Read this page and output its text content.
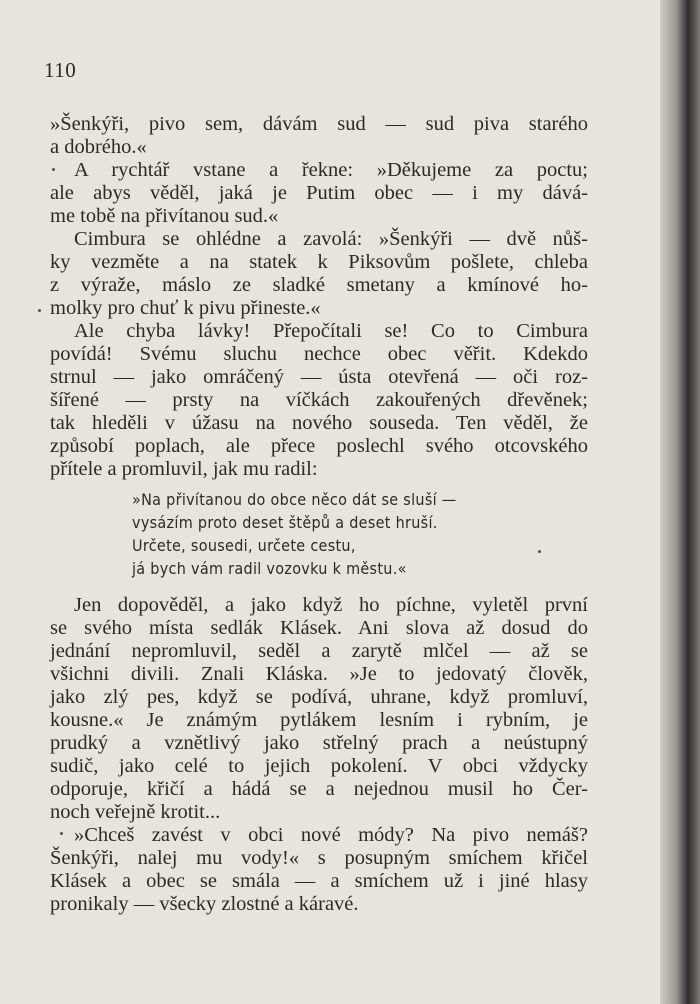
110
»Šenkýři, pivo sem, dávám sud — sud piva starého
a dobrého.«
A rychtář vstane a řekne: »Děkujeme za poctu;
ale abys věděl, jaká je Putim obec — i my dává-
me tobě na přivítanou sud.«
Cimbura se ohlédne a zavolá: »Šenkýři — dvě nůš-
ky vezměte a na statek k Piksovům pošlete, chleba
z výraže, máslo ze sladké smetany a kmínové ho-
molky pro chuť k pivu přineste.«
Ale chyba lávky! Přepočítali se! Co to Cimbura
povídá! Svému sluchu nechce obec věřit. Kdekdo
strnul — jako omráčený — ústa otevřená — oči roz-
šířené — prsty na víčkách zakouřených dřevěnek;
tak hleděli v úžasu na nového souseda. Ten věděl, že
způsobí poplach, ale přece poslechl svého otcovského
přítele a promluvil, jak mu radil:
»Na přivítanou do obce něco dát se sluší —
vysázím proto deset štěpů a deset hruší.
Určete, sousedi, určete cestu,
já bych vám radil vozovku k městu.«
Jen dopověděl, a jako když ho píchne, vyletěl první
se svého místa sedlák Klásek. Ani slova až dosud do
jednání nepromluvil, seděl a zarytě mlčel — až se
všichni divili. Znali Kláska. »Je to jedovatý člověk,
jako zlý pes, když se podívá, uhrane, když promluví,
kousne.« Je známým pytlákem lesním i rybním, je
prudký a vznětlivý jako střelný prach a neústupný
sudič, jako celé to jejich pokolení. V obci vždycky
odporuje, křičí a hádá se a nejednou musil ho Čer-
noch veřejně krotit...
»Chceš zavést v obci nové módy? Na pivo nemáš?
Šenkýři, nalej mu vody!« s posupným smíchem křičel
Klásek a obec se smála — a smíchem už i jiné hlasy
pronikaly — všecky zlostné a káravé.
